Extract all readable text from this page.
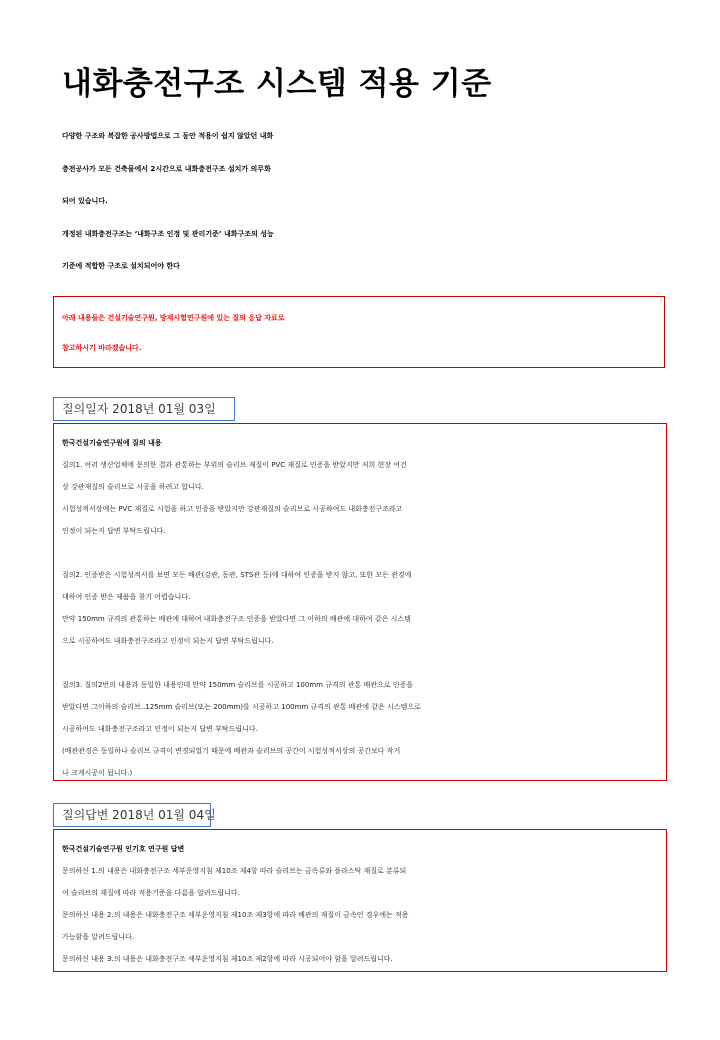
내화충전구조 시스템 적용 기준
다양한 구조와 복잡한 공사방법으로 그 동안 적용이 쉽지 않았던 내화
충전공사가 모든 건축물에서 2시간으로 내화충전구조 설치가 의무화
되어 있습니다.
개정된 내화충전구조는 ‘내화구조 인정 및 관리기준’ 내화구조의 성능
기준에 적합한 구조로 설치되어야 한다
아래 내용들은 건설기술연구원, 방재시험연구원에 있는 질의 응답 자료로
참고하시기 바라겠습니다.
질의일자 2018년 01월 03일
한국건설기술연구원에 질의 내용
질의1. 여러 생산업체에 문의한 결과 관통하는 부위의 슬리브 재질이 PVC 재질로 인증을 받았지만 저희 현장 여건
상 강관재질의 슬리브로 시공을 하려고 합니다.
시험성적서상에는 PVC 재질로 시험을 하고 인증을 받았지만 강관재질의 슬리브로 시공하여도 내화충전구조라고
인정이 되는지 답변 부탁드립니다.
질의2. 인증받은 시험성적서를 보면 모든 배관(강관, 동관, STS관 등)에 대하여 인증을 받지 않고, 또한 모든 관경에
대하여 인증 받은 제품을 찾기 어렵습니다.
만약 150mm 규격의 관통하는 배관에 대하여 내화충전구조 인증을 받았다면 그 이하의 배관에 대하여 같은 시스템
으로 시공하여도 내화충전구조라고 인정이 되는지 답변 부탁드립니다.
질의3. 질의2번의 내용과 동일한 내용인데 만약 150mm 슬리브를 시공하고 100mm 규격의 관통 배관으로 인증을
받았다면 그이하의 슬리브..125mm 슬리브(또는 200mm)를 시공하고 100mm 규격의 관통 배관에 같은 시스템으로
시공하여도 내화충전구조라고 인정이 되는지 답변 부탁드립니다.
(배관관경은 동일하나 슬리브 규격이 변경되었기 때문에 배관과 슬리브의 공간이 시험성적서상의 공간보다 작거
나 크게시공이 됩니다.)
질의답변 2018년 01월 04일
한국건설기술연구원 인기호 연구원 답변
문의하신 1.의 내용은 내화충전구조 세부운영지침 제10조 제4항 따라 슬리브는 금속류와 플라스틱 재질로 분류되
어 슬리브의 재질에 따라 적용기준을 다름을 알려드립니다.
문의하신 내용 2.의 내용은 내화충전구조 세부운영지침 제10조 제3항에 따라 배관의 재질이 금속인 경우에는 적용
가능함을 알려드립니다.
문의하신 내용 3.의 내용은 내화충전구조 세부운영지침 제10조 제2항에 따라 시공되어야 함을 알려드립니다.
